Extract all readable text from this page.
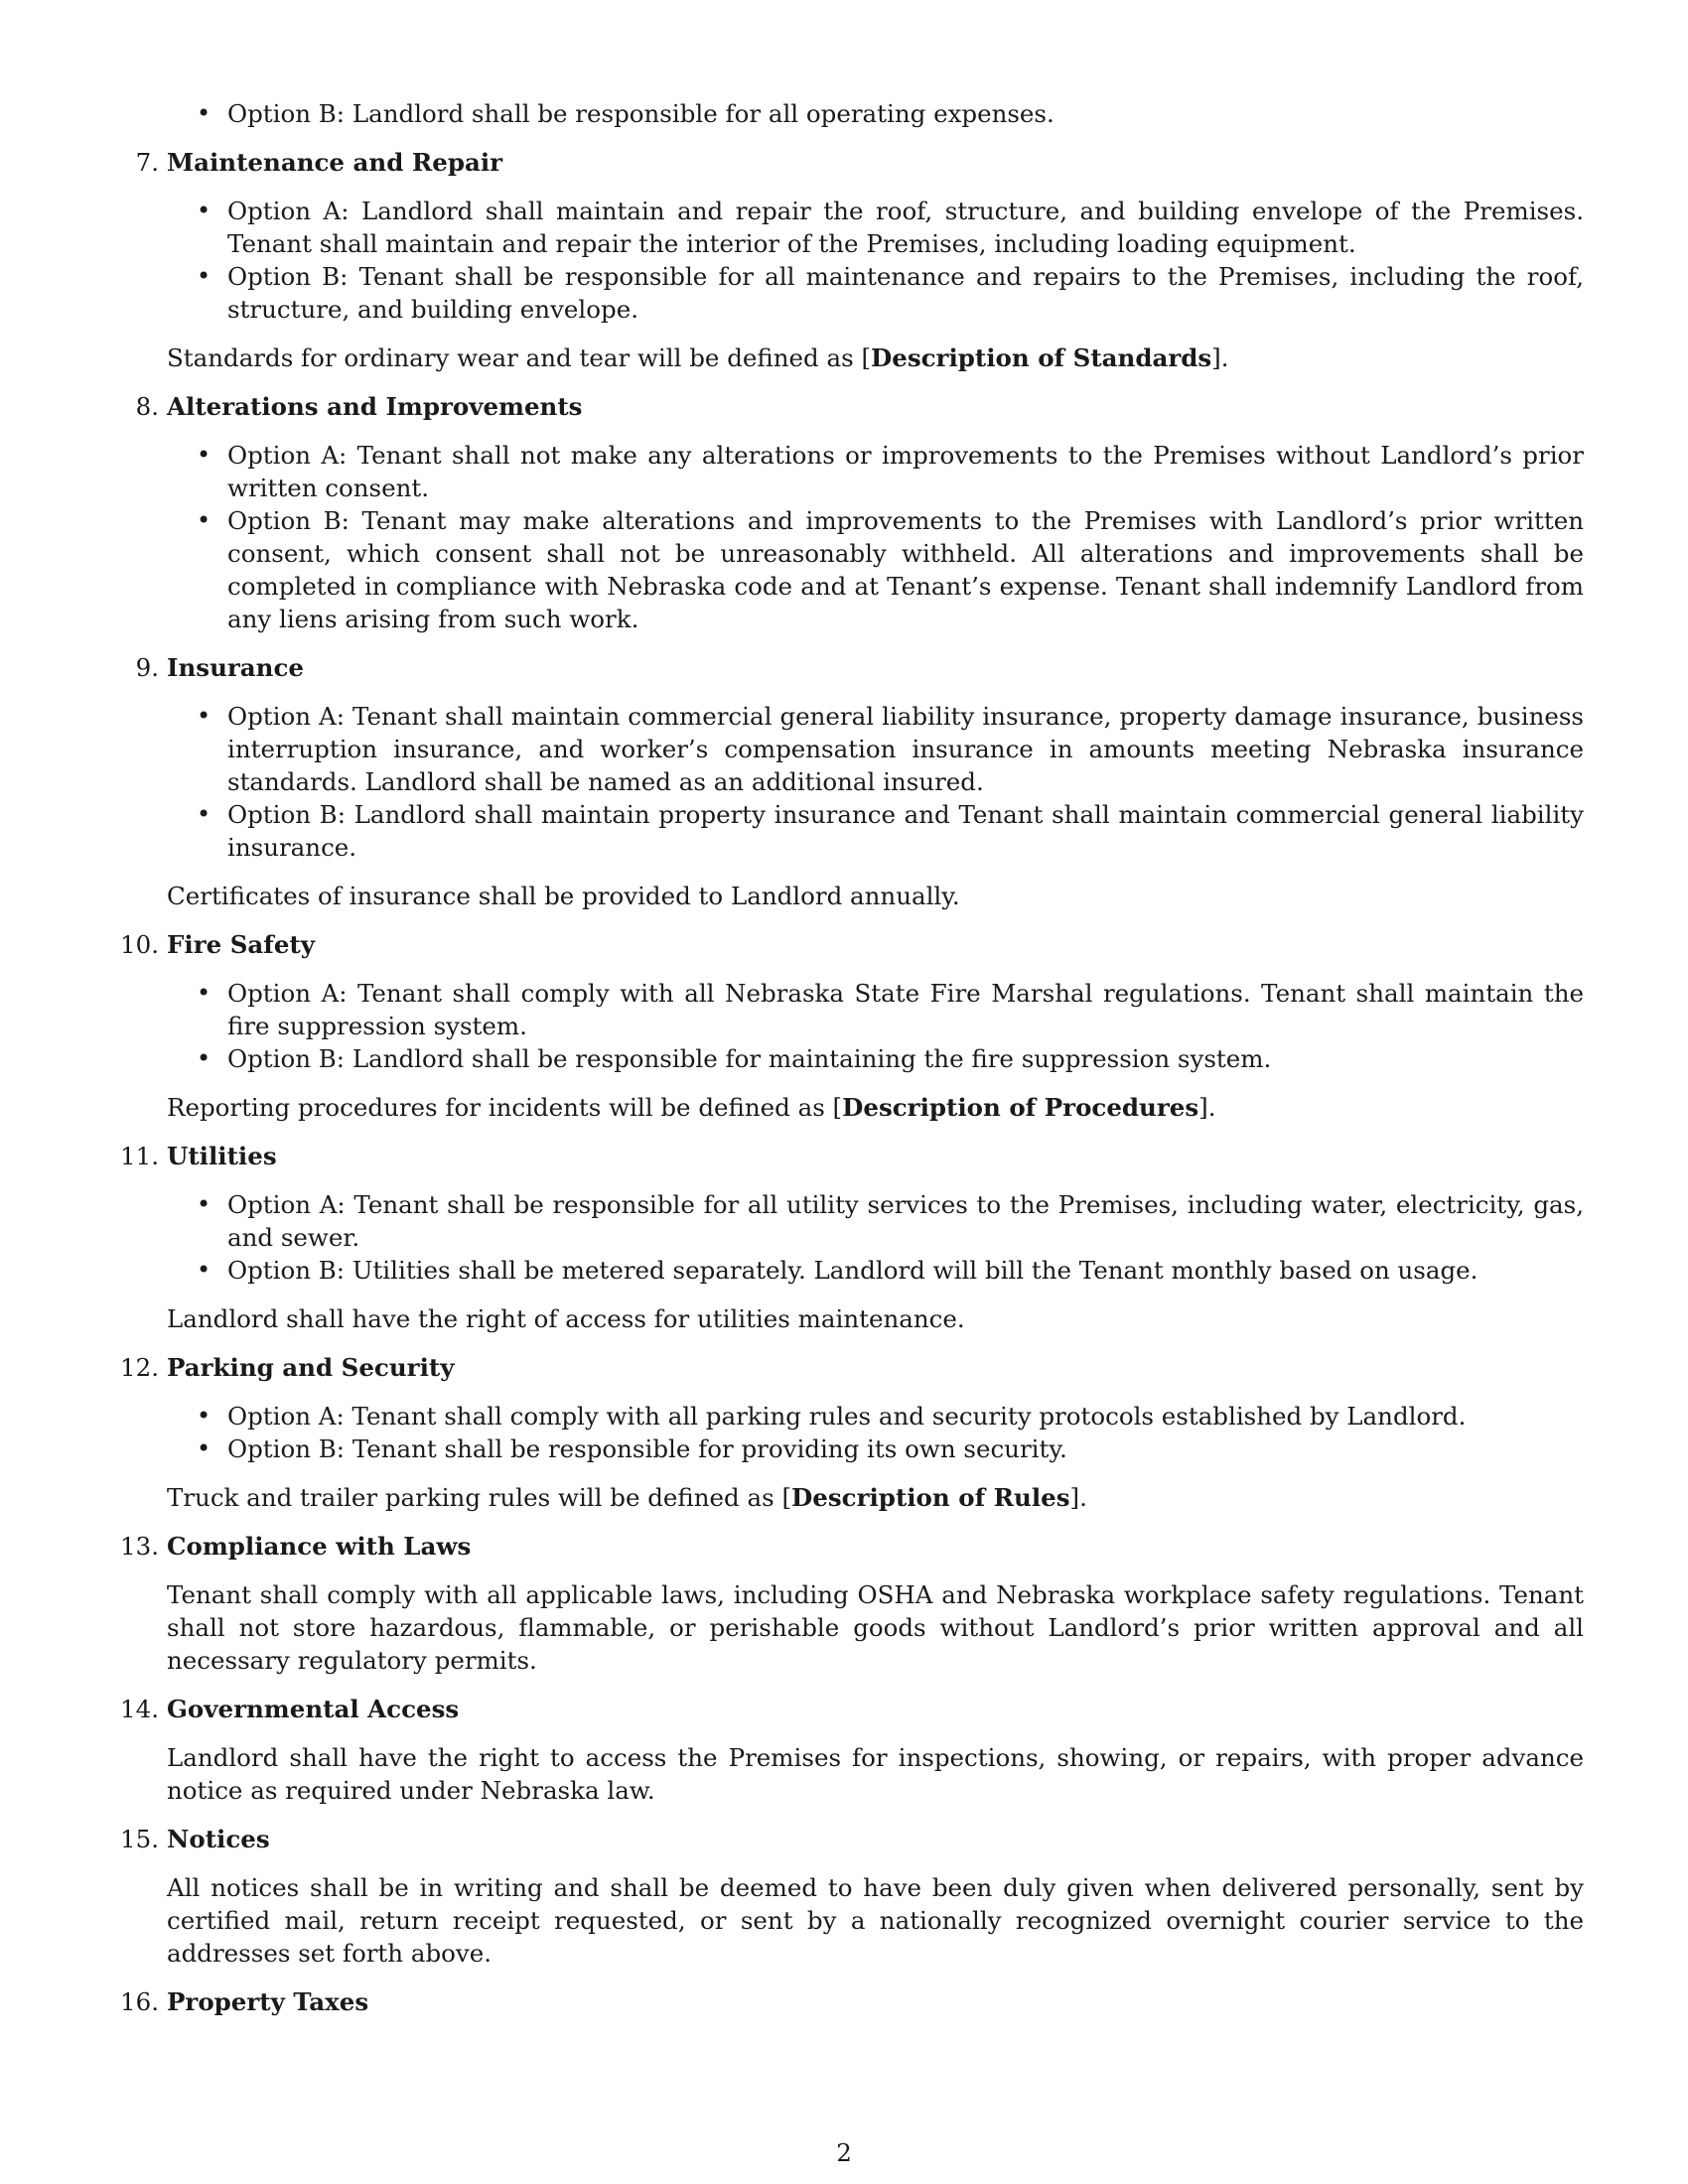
• Option B: Landlord shall be responsible for all operating expenses.
7. Maintenance and Repair
• Option A: Landlord shall maintain and repair the roof, structure, and building envelope of the Premises. Tenant shall maintain and repair the interior of the Premises, including loading equipment.
• Option B: Tenant shall be responsible for all maintenance and repairs to the Premises, including the roof, structure, and building envelope.

Standards for ordinary wear and tear will be defined as [Description of Standards].

8. Alterations and Improvements
• Option A: Tenant shall not make any alterations or improvements to the Premises without Landlord’s prior written consent.
• Option B: Tenant may make alterations and improvements to the Premises with Landlord’s prior written consent, which consent shall not be unreasonably withheld. All alterations and improvements shall be completed in compliance with Nebraska code and at Tenant’s expense. Tenant shall indemnify Landlord from any liens arising from such work.
9. Insurance
• Option A: Tenant shall maintain commercial general liability insurance, property damage insurance, business interruption insurance, and worker’s compensation insurance in amounts meeting Nebraska insurance standards. Landlord shall be named as an additional insured.
• Option B: Landlord shall maintain property insurance and Tenant shall maintain commercial general liability insurance.

Certificates of insurance shall be provided to Landlord annually.

10. Fire Safety
• Option A: Tenant shall comply with all Nebraska State Fire Marshal regulations. Tenant shall maintain the fire suppression system.
• Option B: Landlord shall be responsible for maintaining the fire suppression system.

Reporting procedures for incidents will be defined as [Description of Procedures].

11. Utilities
• Option A: Tenant shall be responsible for all utility services to the Premises, including water, electricity, gas, and sewer.
• Option B: Utilities shall be metered separately. Landlord will bill the Tenant monthly based on usage.

Landlord shall have the right of access for utilities maintenance.

12. Parking and Security
• Option A: Tenant shall comply with all parking rules and security protocols established by Landlord.
• Option B: Tenant shall be responsible for providing its own security.

Truck and trailer parking rules will be defined as [Description of Rules].

13. Compliance with Laws

Tenant shall comply with all applicable laws, including OSHA and Nebraska workplace safety regulations. Tenant shall not store hazardous, flammable, or perishable goods without Landlord’s prior written approval and all necessary regulatory permits.

14. Governmental Access

Landlord shall have the right to access the Premises for inspections, showing, or repairs, with proper advance notice as required under Nebraska law.

15. Notices

All notices shall be in writing and shall be deemed to have been duly given when delivered personally, sent by certified mail, return receipt requested, or sent by a nationally recognized overnight courier service to the addresses set forth above.

16. Property Taxes
2
